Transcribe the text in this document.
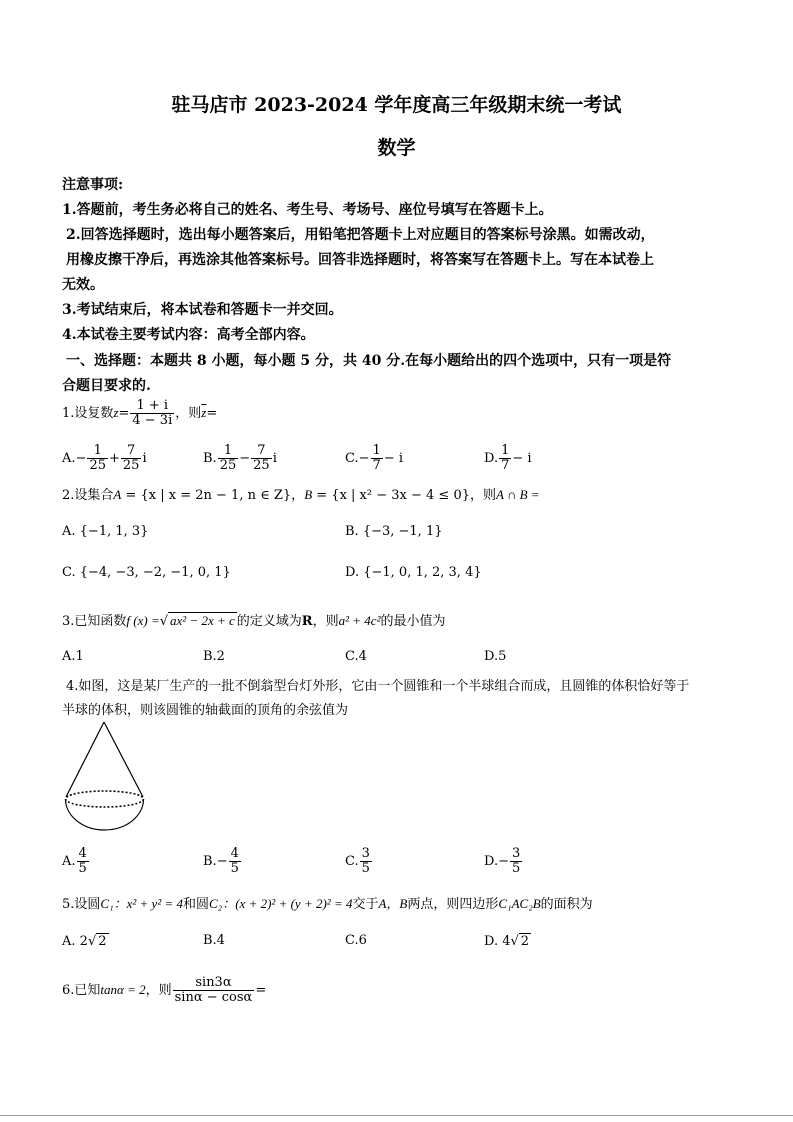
驻马店市 2023-2024 学年度高三年级期末统一考试
数学
注意事项:
1.答题前，考生务必将自己的姓名、考生号、考场号、座位号填写在答题卡上。
2.回答选择题时，选出每小题答案后，用铅笔把答题卡上对应题目的答案标号涂黑。如需改动，
用橡皮擦干净后，再选涂其他答案标号。回答非选择题时，将答案写在答题卡上。写在本试卷上
无效。
3.考试结束后，将本试卷和答题卡一并交回。
4.本试卷主要考试内容：高考全部内容。
一、选择题：本题共 8 小题，每小题 5 分，共 40 分.在每小题给出的四个选项中，只有一项是符
合题目要求的.
1.设复数$z= \frac{1 + i}{4 - 3i}$ ，则$\overline{z}=$
$A.- \frac{1}{25} + \frac{7}{25}$ i	B. $\frac{1}{25} - \frac{7}{25}$ i	$C.- \frac{1}{7} - i$	D. $\frac{1}{7} - i$
2.设集合A = {x | x = 2n − 1, n ∈ Z}，B = {x | x² − 3x − 4 ≤ 0}，则A ∩ B =
A. {−1, 1, 3}	B. {−3, −1, 1}
C. {−4, −3, −2, −1, 0, 1}	D. {−1, 0, 1, 2, 3, 4}
3.已知函数f (x) =√ ax² − 2x + c 的定义域为R，则a² + 4c²的最小值为
A.1	B.2	C.4	D.5
4.如图，这是某厂生产的一批不倒翁型台灯外形，它由一个圆锥和一个半球组合而成，且圆锥的体积恰好等于
半球的体积，则该圆锥的轴截面的顶角的余弦值为
A. $\frac{4}{5}$	$B.- \frac{4}{5}$	C. $\frac{3}{5}$	$D.- \frac{3}{5}$
5.设圆C₁：x² + y² = 4和圆C₂：(x + 2)² + (y + 2)² = 4交于A，B两点，则四边形C₁AC₂B的面积为
A. 2√ 2	B.4	C.6	D. 4√ 2
6.已知tanα = 2，则 $\frac{\sin 3\alpha}{\sin\alpha - \cos\alpha}$ =
